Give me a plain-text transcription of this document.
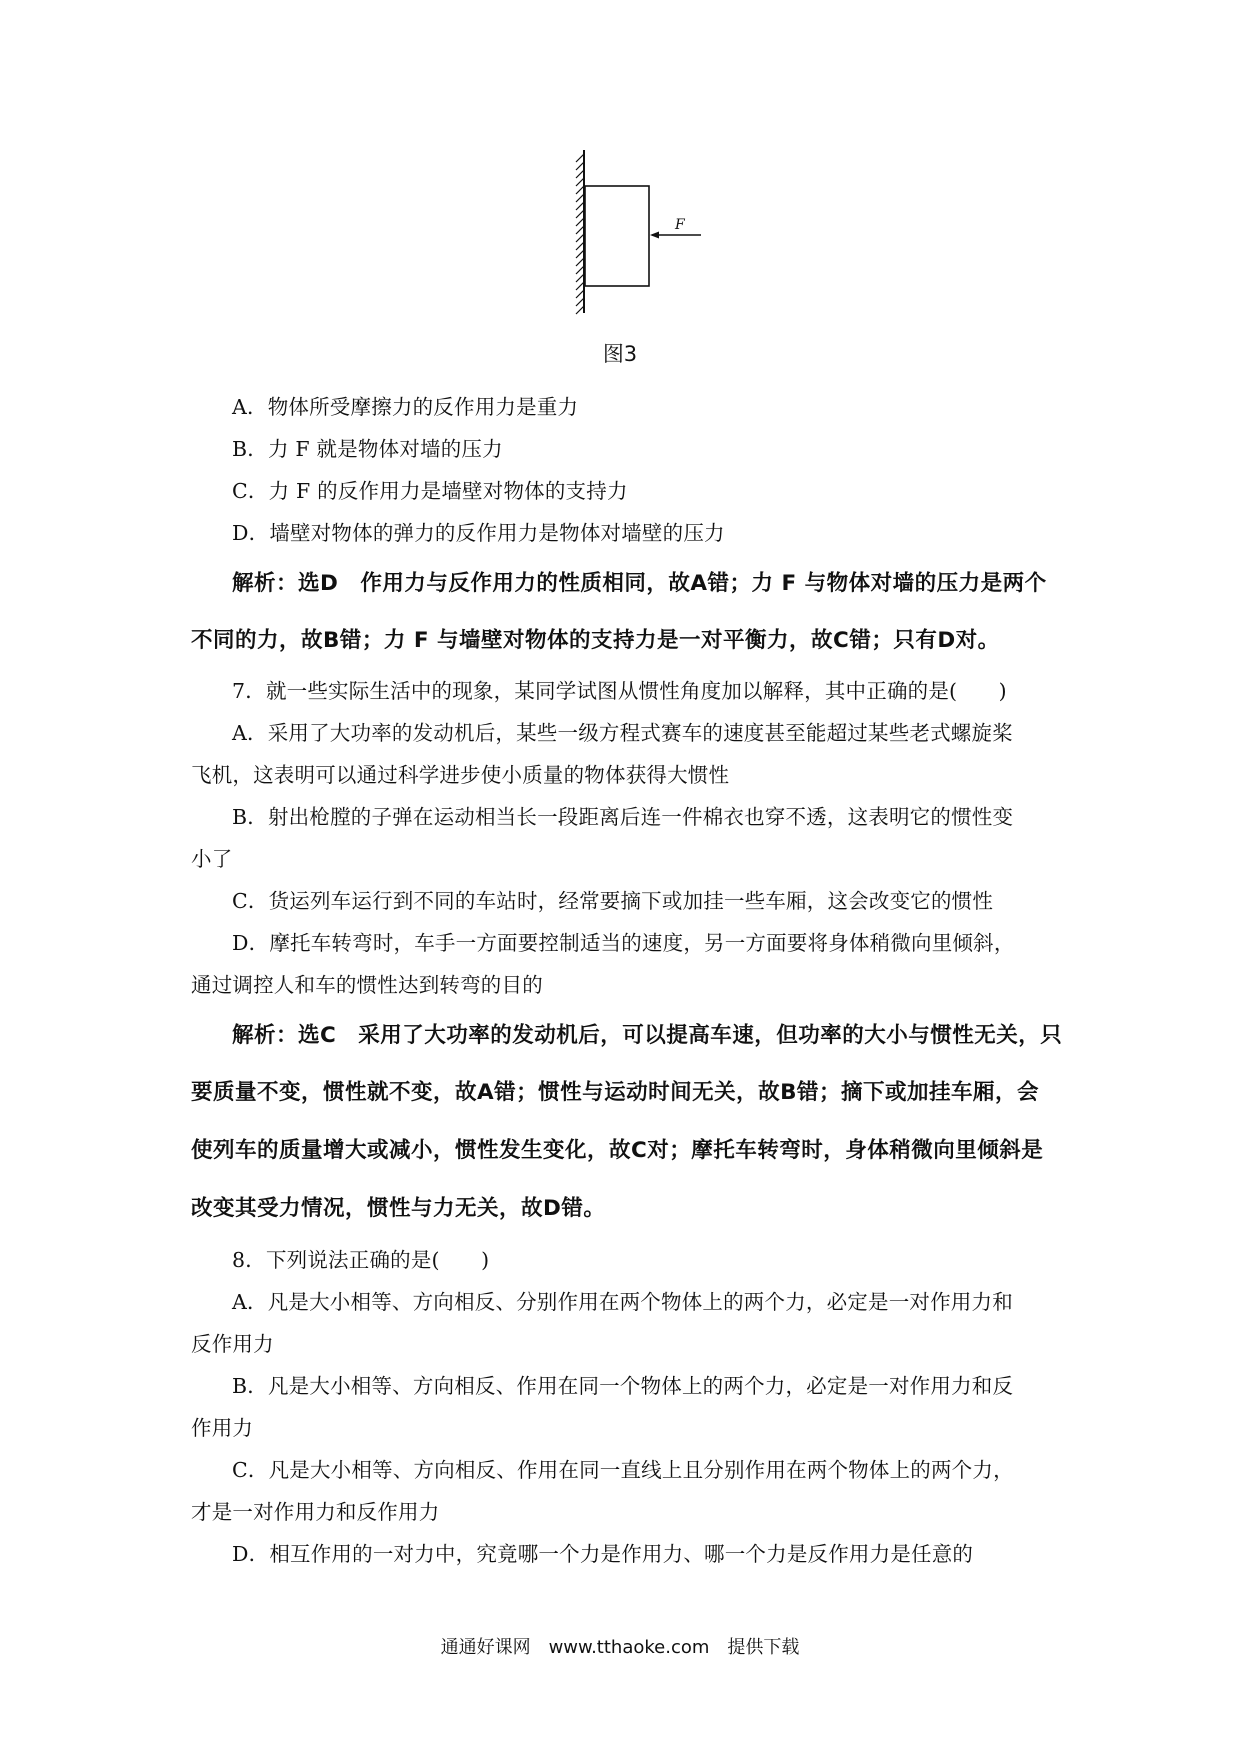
F
图3
A．物体所受摩擦力的反作用力是重力
B．力 F 就是物体对墙的压力
C．力 F 的反作用力是墙壁对物体的支持力
D．墙壁对物体的弹力的反作用力是物体对墙壁的压力
解析：选D　作用力与反作用力的性质相同，故A错；力 F 与物体对墙的压力是两个
不同的力，故B错；力 F 与墙壁对物体的支持力是一对平衡力，故C错；只有D对。
7．就一些实际生活中的现象，某同学试图从惯性角度加以解释，其中正确的是(　　)
A．采用了大功率的发动机后，某些一级方程式赛车的速度甚至能超过某些老式螺旋桨
飞机，这表明可以通过科学进步使小质量的物体获得大惯性
B．射出枪膛的子弹在运动相当长一段距离后连一件棉衣也穿不透，这表明它的惯性变
小了
C．货运列车运行到不同的车站时，经常要摘下或加挂一些车厢，这会改变它的惯性
D．摩托车转弯时，车手一方面要控制适当的速度，另一方面要将身体稍微向里倾斜，
通过调控人和车的惯性达到转弯的目的
解析：选C　采用了大功率的发动机后，可以提高车速，但功率的大小与惯性无关，只
要质量不变，惯性就不变，故A错；惯性与运动时间无关，故B错；摘下或加挂车厢，会
使列车的质量增大或减小，惯性发生变化，故C对；摩托车转弯时，身体稍微向里倾斜是
改变其受力情况，惯性与力无关，故D错。
8．下列说法正确的是(　　)
A．凡是大小相等、方向相反、分别作用在两个物体上的两个力，必定是一对作用力和
反作用力
B．凡是大小相等、方向相反、作用在同一个物体上的两个力，必定是一对作用力和反
作用力
C．凡是大小相等、方向相反、作用在同一直线上且分别作用在两个物体上的两个力，
才是一对作用力和反作用力
D．相互作用的一对力中，究竟哪一个力是作用力、哪一个力是反作用力是任意的
通通好课网　www.tthaoke.com　提供下载
